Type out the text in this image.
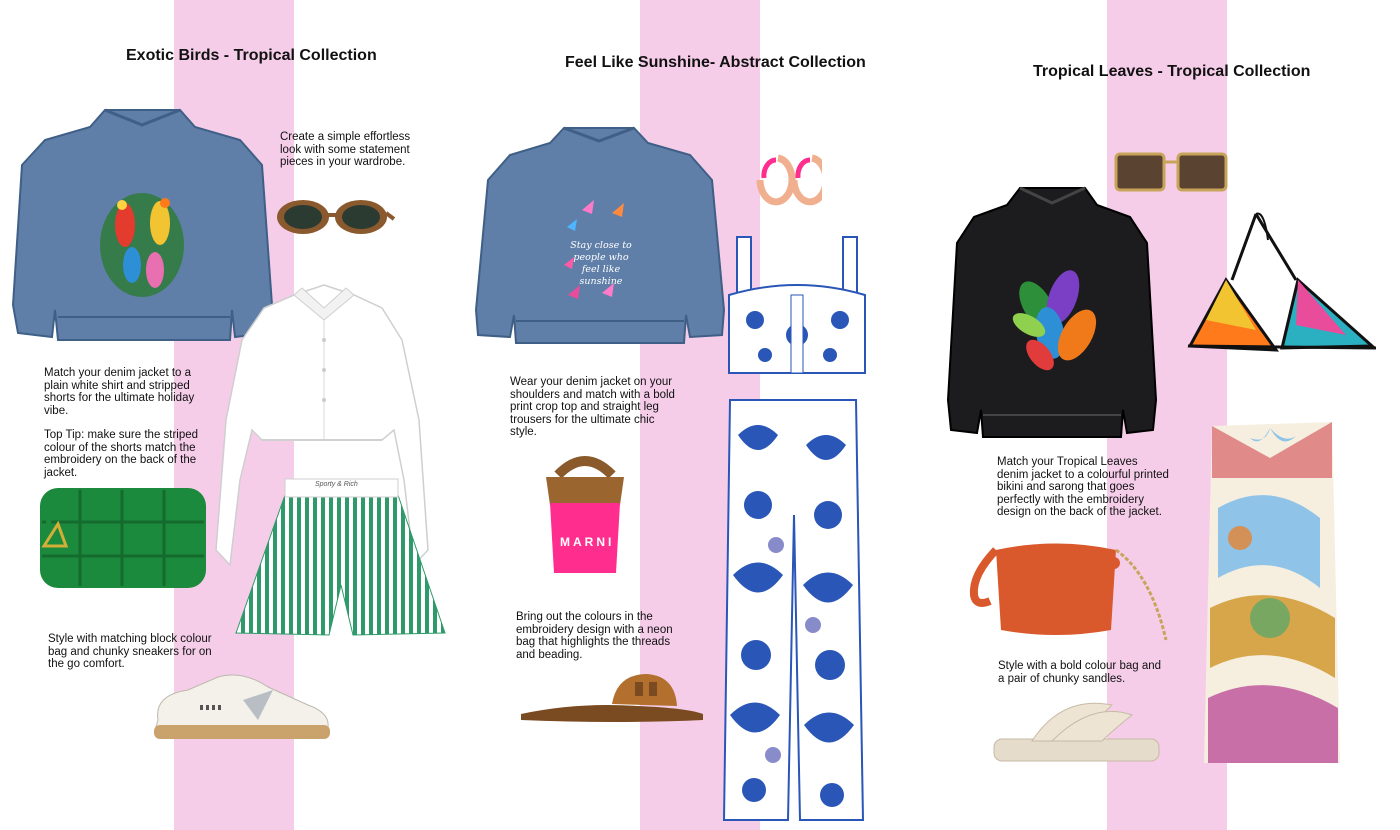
Exotic Birds - Tropical Collection

Create a simple effortless look with some statement pieces in your wardrobe.

Sporty & Rich

Match your denim jacket to a plain white shirt and stripped shorts for the ultimate holiday vibe.

Top Tip: make sure the striped colour of the shorts match the embroidery on the back of the jacket.

Style with matching block colour bag and chunky sneakers for on the go comfort.

Feel Like Sunshine- Abstract Collection
Stay close to people who feel like sunshine

Wear your denim jacket on your shoulders and match with a bold print crop top and straight leg trousers for the ultimate chic style.

MARNI

Bring out the colours in the embroidery design with a neon bag that highlights the threads and beading.

Tropical Leaves - Tropical Collection

Match your Tropical Leaves denim jacket to a colourful printed bikini and sarong that goes perfectly with the embroidery design on the back of the jacket.

Style with a bold colour bag and a pair of chunky sandles.
